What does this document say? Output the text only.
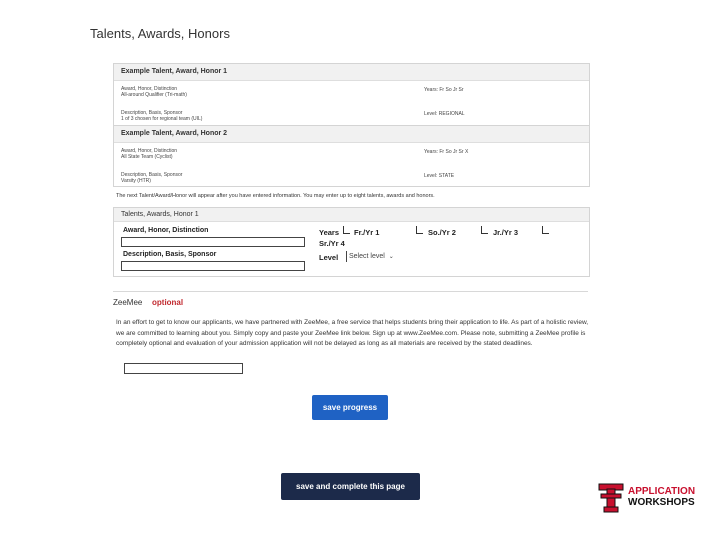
Talents, Awards, Honors
Example Talent, Award, Honor 1
Award, Honor, Distinction
All-around Qualifier (Tri-math)
Years: Fr So Jr Sr
Description, Basis, Sponsor
1 of 3 chosen for regional team (UIL)
Level: REGIONAL
Example Talent, Award, Honor 2
Award, Honor, Distinction
All State Team (Cyclist)
Years: Fr So Jr Sr X
Description, Basis, Sponsor
Varsity (HTR)
Level: STATE
The next Talent/Award/Honor will appear after you have entered information. You may enter up to eight talents, awards and honors.
Talents, Awards, Honor 1
Award, Honor, Distinction
Description, Basis, Sponsor
Years Fr./Yr 1	So./Yr 2	Jr./Yr 3
Sr./Yr 4
Level	Select level ⌄
ZeeMee optional
In an effort to get to know our applicants, we have partnered with ZeeMee, a free service that helps students bring their application to life. As part of a holistic review, we are committed to learning about you. Simply copy and paste your ZeeMee link below. Sign up at www.ZeeMee.com. Please note, submitting a ZeeMee profile is completely optional and evaluation of your admission application will not be delayed as long as all materials are received by the stated deadlines.
save progress
save and complete this page	APPLICATION
WORKSHOPS
